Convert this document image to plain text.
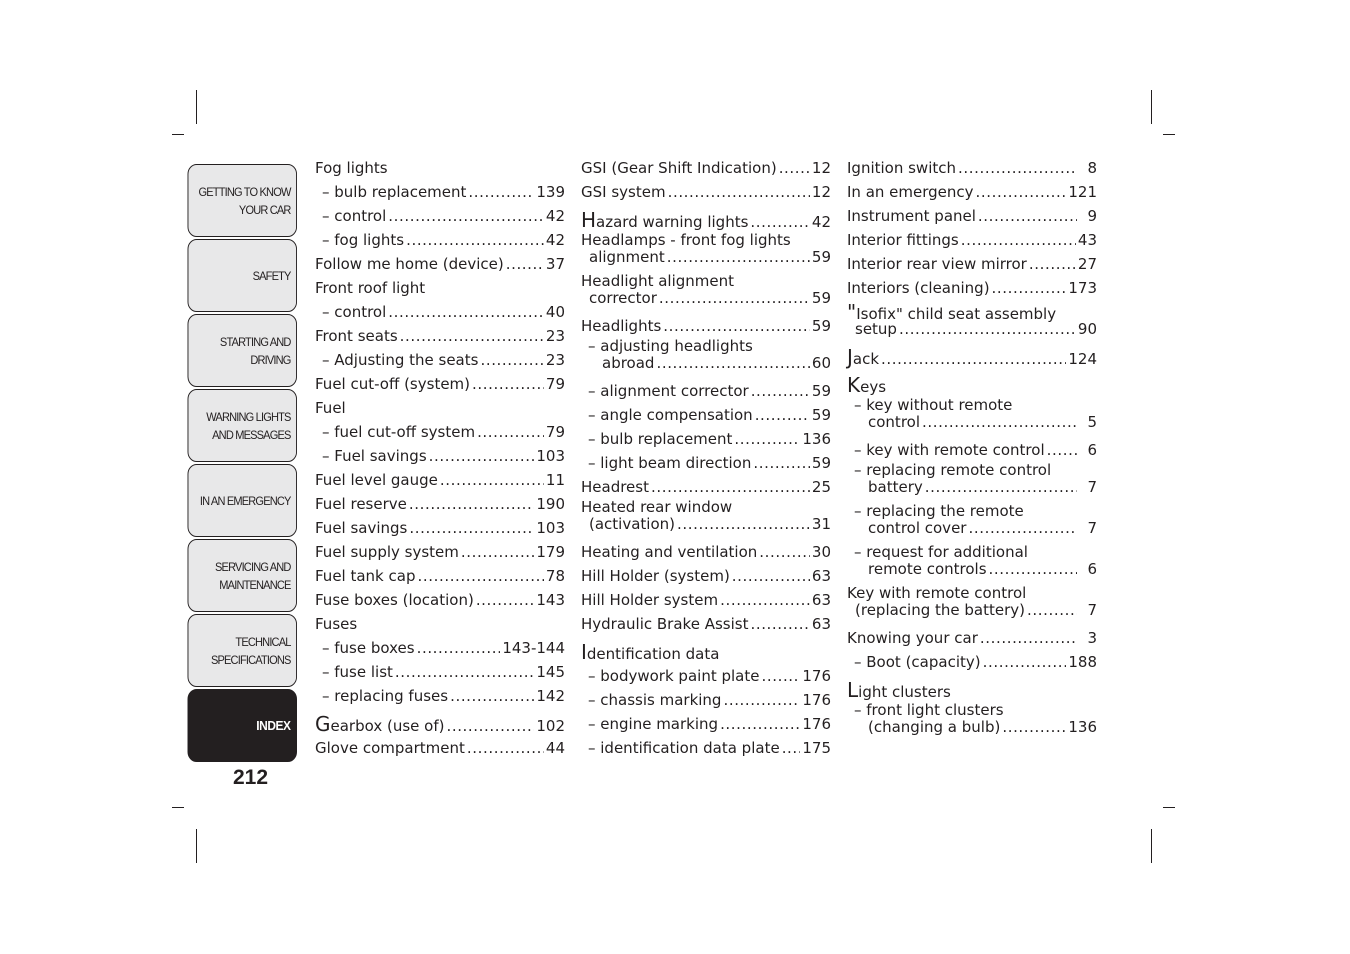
GETTING TO KNOW
YOUR CAR
SAFETY
STARTING AND
DRIVING
WARNING LIGHTS
AND MESSAGES
IN AN EMERGENCY
SERVICING AND
MAINTENANCE
TECHNICAL
SPECIFICATIONS
INDEX
212
Fog lights
– bulb replacement .....	139
– control .....	42
– fog lights .....	42
Follow me home (device) .....	37
Front roof light
– control .....	40
Front seats .....	23
– Adjusting the seats .....	23
Fuel cut-off (system) .....	79
Fuel
– fuel cut-off system .....	79
– Fuel savings .....	103
Fuel level gauge .....	11
Fuel reserve .....	190
Fuel savings .....	103
Fuel supply system .....	179
Fuel tank cap .....	78
Fuse boxes (location) .....	143
Fuses
– fuse boxes .....	143-144
– fuse list .....	145
– replacing fuses .....	142
Gearbox (use of) .....	102
Glove compartment .....	44
GSI (Gear Shift Indication) ..... 12
GSI system .....	12
Hazard warning lights .....	42
Headlamps - front fog lights
alignment .....	59
Headlight alignment
corrector .....	59
Headlights .....	59
– adjusting headlights
abroad .....	60
– alignment corrector .....	59
– angle compensation .....	59
– bulb replacement .....	136
– light beam direction .....	59
Headrest .....	25
Heated rear window
(activation) .....	31
Heating and ventilation .....	30
Hill Holder (system) .....	63
Hill Holder system .....	63
Hydraulic Brake Assist .....	63
Identification data
– bodywork paint plate .....	176
– chassis marking .....	176
– engine marking .....	176
– identification data plate ..... 175
Ignition switch .....	8
In an emergency .....	121
Instrument panel .....	9
Interior fittings .....	43
Interior rear view mirror .....	27
Interiors (cleaning) .....	173
"Isofix" child seat assembly
setup .....	90
Jack .....	124
Keys
– key without remote
control .....	5
– key with remote control .....	6
– replacing remote control
battery .....	7
– replacing the remote
control cover .....	7
– request for additional
remote controls .....	6
Key with remote control
(replacing the battery) .....	7
Knowing your car .....	3
– Boot (capacity) .....	188
Light clusters
– front light clusters
(changing a bulb) .....	136
